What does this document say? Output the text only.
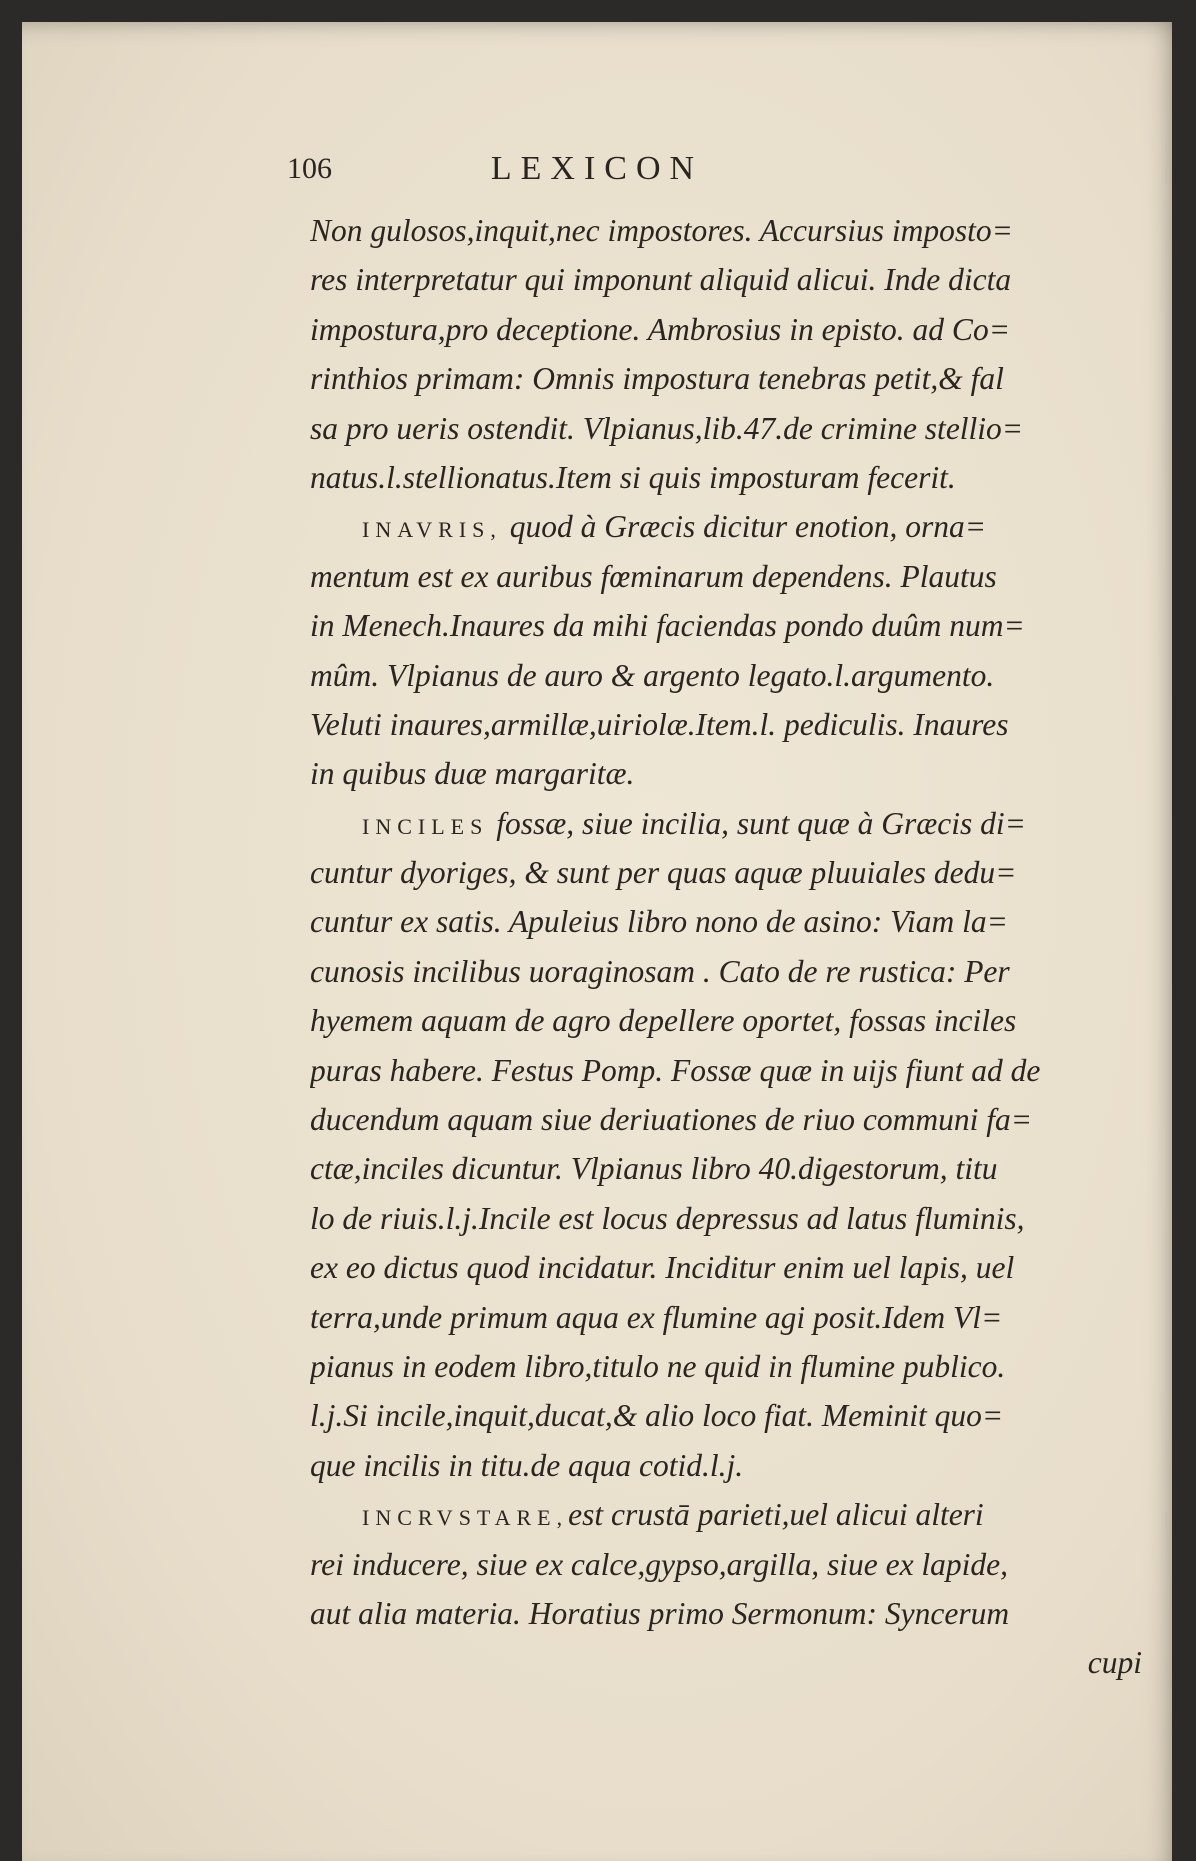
106	LEXICON
Non gulosos,inquit,nec impostores. Accursius imposto=
res interpretatur qui imponunt aliquid alicui. Inde dicta
impostura,pro deceptione. Ambrosius in episto. ad Co=
rinthios primam: Omnis impostura tenebras petit,& fal
sa pro ueris ostendit. Vlpianus,lib.47.de crimine stellio=
natus.l.stellionatus.Item si quis imposturam fecerit.
INAVRIS, quod à Græcis dicitur enotion, orna=
mentum est ex auribus fœminarum dependens. Plautus
in Menech.Inaures da mihi faciendas pondo duûm num=
mûm. Vlpianus de auro & argento legato.l.argumento.
Veluti inaures,armillæ,uiriolæ.Item.l. pediculis. Inaures
in quibus duæ margaritæ.
INCILES fossæ, siue incilia, sunt quæ à Græcis di=
cuntur dyoriges, & sunt per quas aquæ pluuiales dedu=
cuntur ex satis. Apuleius libro nono de asino: Viam la=
cunosis incilibus uoraginosam . Cato de re rustica: Per
hyemem aquam de agro depellere oportet, fossas inciles
puras habere. Festus Pomp. Fossæ quæ in uijs fiunt ad de
ducendum aquam siue deriuationes de riuo communi fa=
ctæ,inciles dicuntur. Vlpianus libro 40.digestorum, titu
lo de riuis.l.j.Incile est locus depressus ad latus fluminis,
ex eo dictus quod incidatur. Inciditur enim uel lapis, uel
terra,unde primum aqua ex flumine agi posit.Idem Vl=
pianus in eodem libro,titulo ne quid in flumine publico.
l.j.Si incile,inquit,ducat,& alio loco fiat. Meminit quo=
que incilis in titu.de aqua cotid.l.j.
INCRVSTARE,est crustā parieti,uel alicui alteri
rei inducere, siue ex calce,gypso,argilla, siue ex lapide,
aut alia materia. Horatius primo Sermonum: Syncerum
cupi
